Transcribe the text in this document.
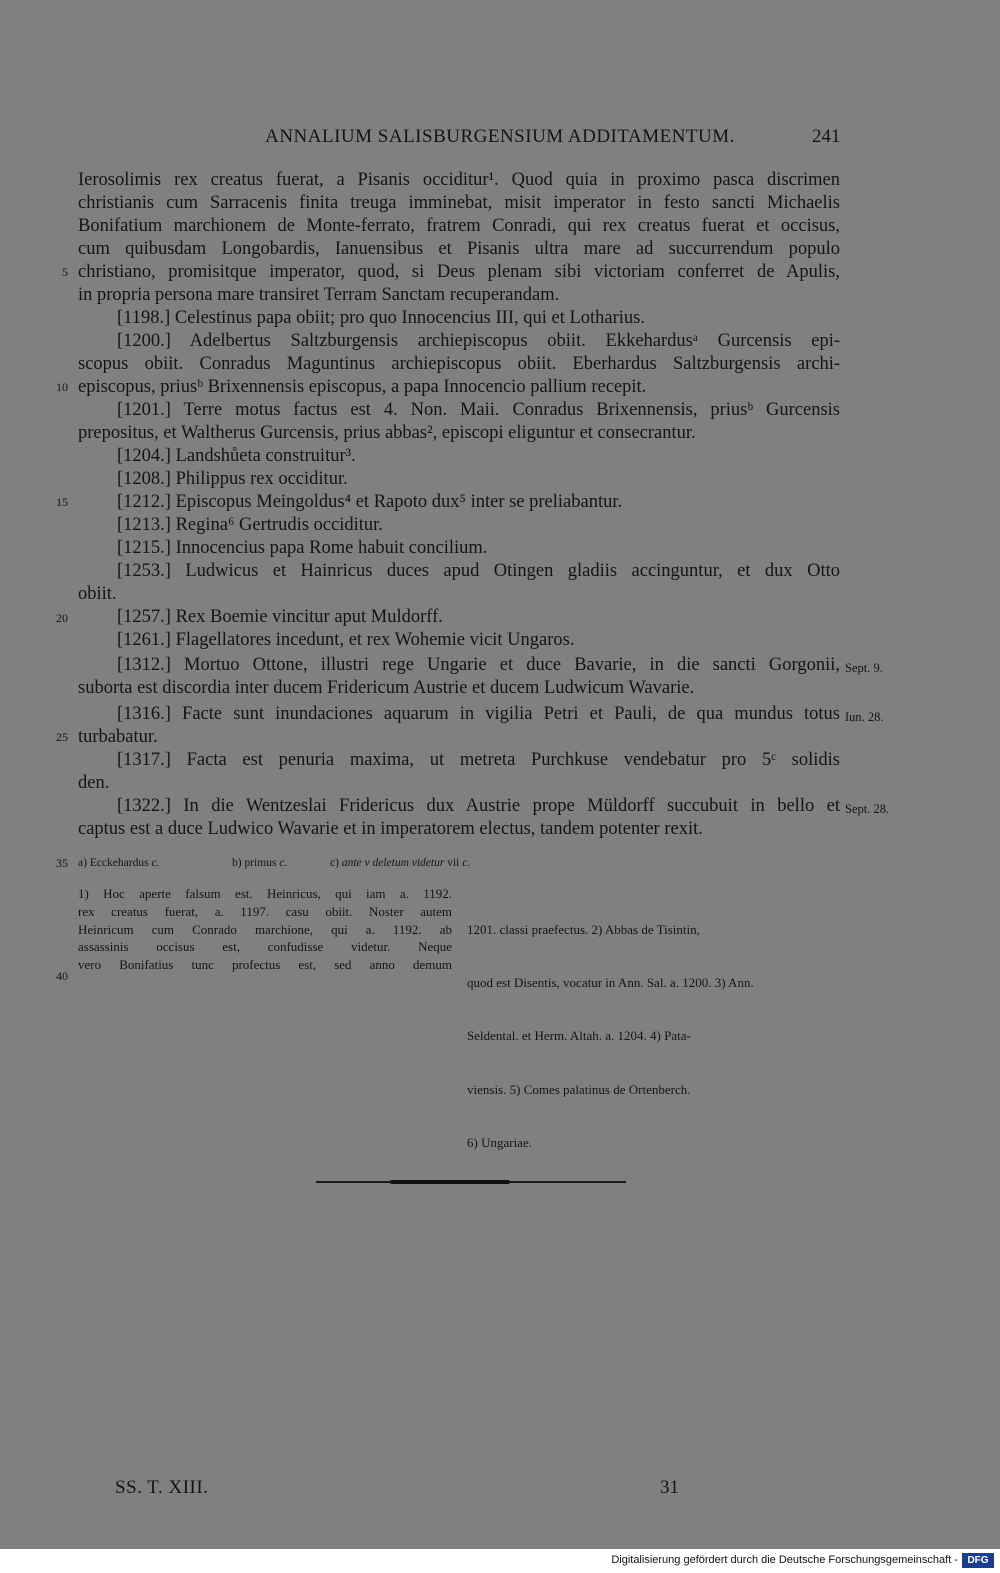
ANNALIUM SALISBURGENSIUM ADDITAMENTUM.	241
Ierosolimis rex creatus fuerat, a Pisanis occiditur¹. Quod quia in proximo pasca discrimen
christianis cum Sarracenis finita treuga imminebat, misit imperator in festo sancti Michaelis
Bonifatium marchionem de Monte-ferrato, fratrem Conradi, qui rex creatus fuerat et occisus,
cum quibusdam Longobardis, Ianuensibus et Pisanis ultra mare ad succurrendum populo
christiano, promisitque imperator, quod, si Deus plenam sibi victoriam conferret de Apulis,
in propria persona mare transiret Terram Sanctam recuperandam.
[1198.] Celestinus papa obiit; pro quo Innocencius III, qui et Lotharius.
[1200.] Adelbertus Saltzburgensis archiepiscopus obiit. Ekkehardusᵃ Gurcensis epi-
scopus obiit. Conradus Maguntinus archiepiscopus obiit. Eberhardus Saltzburgensis archi-
episcopus, priusᵇ Brixennensis episcopus, a papa Innocencio pallium recepit.
[1201.] Terre motus factus est 4. Non. Maii. Conradus Brixennensis, priusᵇ Gurcensis
prepositus, et Waltherus Gurcensis, prius abbas², episcopi eliguntur et consecrantur.
[1204.] Landshůeta construitur³.
[1208.] Philippus rex occiditur.
[1212.] Episcopus Meingoldus⁴ et Rapoto dux⁵ inter se preliabantur.
[1213.] Regina⁶ Gertrudis occiditur.
[1215.] Innocencius papa Rome habuit concilium.
[1253.] Ludwicus et Hainricus duces apud Otingen gladiis accinguntur, et dux Otto
obiit.
[1257.] Rex Boemie vincitur aput Muldorff.
[1261.] Flagellatores incedunt, et rex Wohemie vicit Ungaros.
[1312.] Mortuo Ottone, illustri rege Ungarie et duce Bavarie, in die sancti Gorgonii,
suborta est discordia inter ducem Fridericum Austrie et ducem Ludwicum Wavarie.
[1316.] Facte sunt inundaciones aquarum in vigilia Petri et Pauli, de qua mundus totus
turbabatur.
[1317.] Facta est penuria maxima, ut metreta Purchkuse vendebatur pro 5ᶜ solidis
den.
[1322.] In die Wentzeslai Fridericus dux Austrie prope Müldorff succubuit in bello et
captus est a duce Ludwico Wavarie et in imperatorem electus, tandem potenter rexit.
5
10
15
20
25
35
40
Sept. 9.
Iun. 28.
Sept. 28.
a) Ecckehardus c.	b) primus c.	c) ante v deletum videtur vii c.
1) Hoc aperte falsum est. Heinricus, qui iam a. 1192.
rex creatus fuerat, a. 1197. casu obiit. Noster autem
Heinricum cum Conrado marchione, qui a. 1192. ab
assassinis occisus est, confudisse videtur. Neque
vero Bonifatius tunc profectus est, sed anno demum

1201. classi praefectus. 2) Abbas de Tisintin,

quod est Disentis, vocatur in Ann. Sal. a. 1200. 3) Ann.

Seldental. et Herm. Altah. a. 1204. 4) Pata-

viensis. 5) Comes palatinus de Ortenberch.

6) Ungariae.

SS. T. XIII.	31
Digitalisierung gefördert durch die Deutsche Forschungsgemeinschaft - DFG
